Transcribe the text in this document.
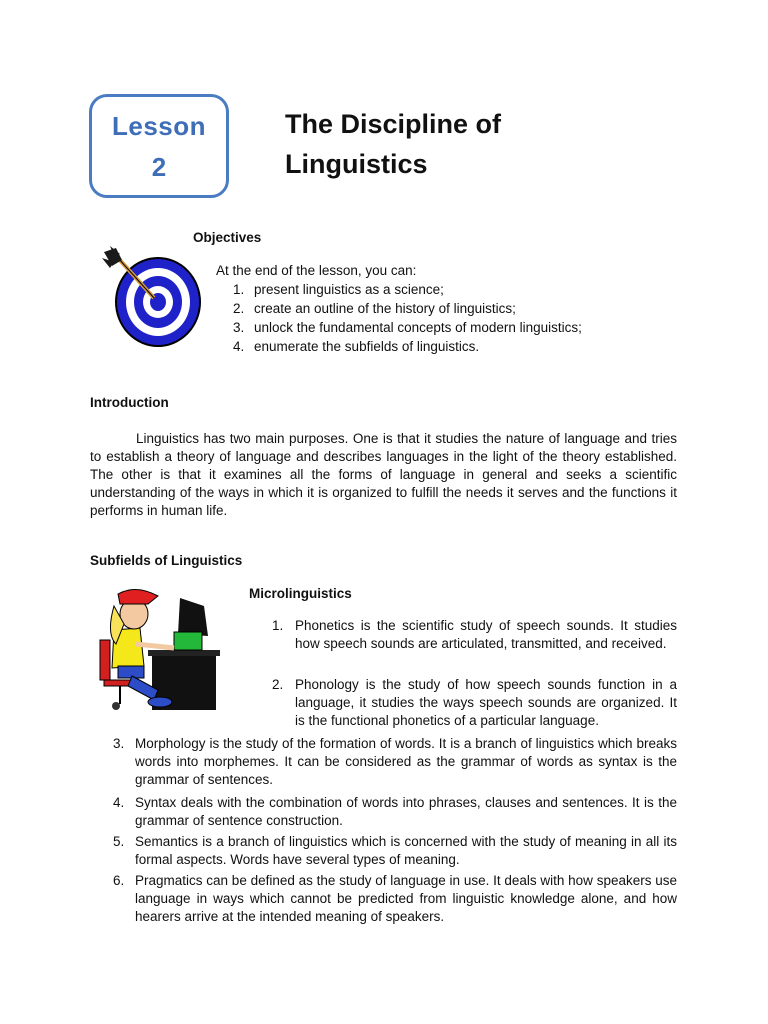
Lesson
2
The Discipline of
Linguistics
Objectives
At the end of the lesson, you can:
1. present linguistics as a science;
2. create an outline of the history of linguistics;
3. unlock the fundamental concepts of modern linguistics;
4. enumerate the subfields of linguistics.
Introduction
Linguistics has two main purposes. One is that it studies the nature of language and tries to establish a theory of language and describes languages in the light of the theory established. The other is that it examines all the forms of language in general and seeks a scientific understanding of the ways in which it is organized to fulfill the needs it serves and the functions it performs in human life.
Subfields of Linguistics
Microlinguistics
1. Phonetics is the scientific study of speech sounds. It studies how speech sounds are articulated, transmitted, and received.
2. Phonology is the study of how speech sounds function in a language, it studies the ways speech sounds are organized. It is the functional phonetics of a particular language.
3. Morphology is the study of the formation of words. It is a branch of linguistics which breaks words into morphemes. It can be considered as the grammar of words as syntax is the grammar of sentences.
4. Syntax deals with the combination of words into phrases, clauses and sentences. It is the grammar of sentence construction.
5. Semantics is a branch of linguistics which is concerned with the study of meaning in all its formal aspects. Words have several types of meaning.
6. Pragmatics can be defined as the study of language in use. It deals with how speakers use language in ways which cannot be predicted from linguistic knowledge alone, and how hearers arrive at the intended meaning of speakers.
